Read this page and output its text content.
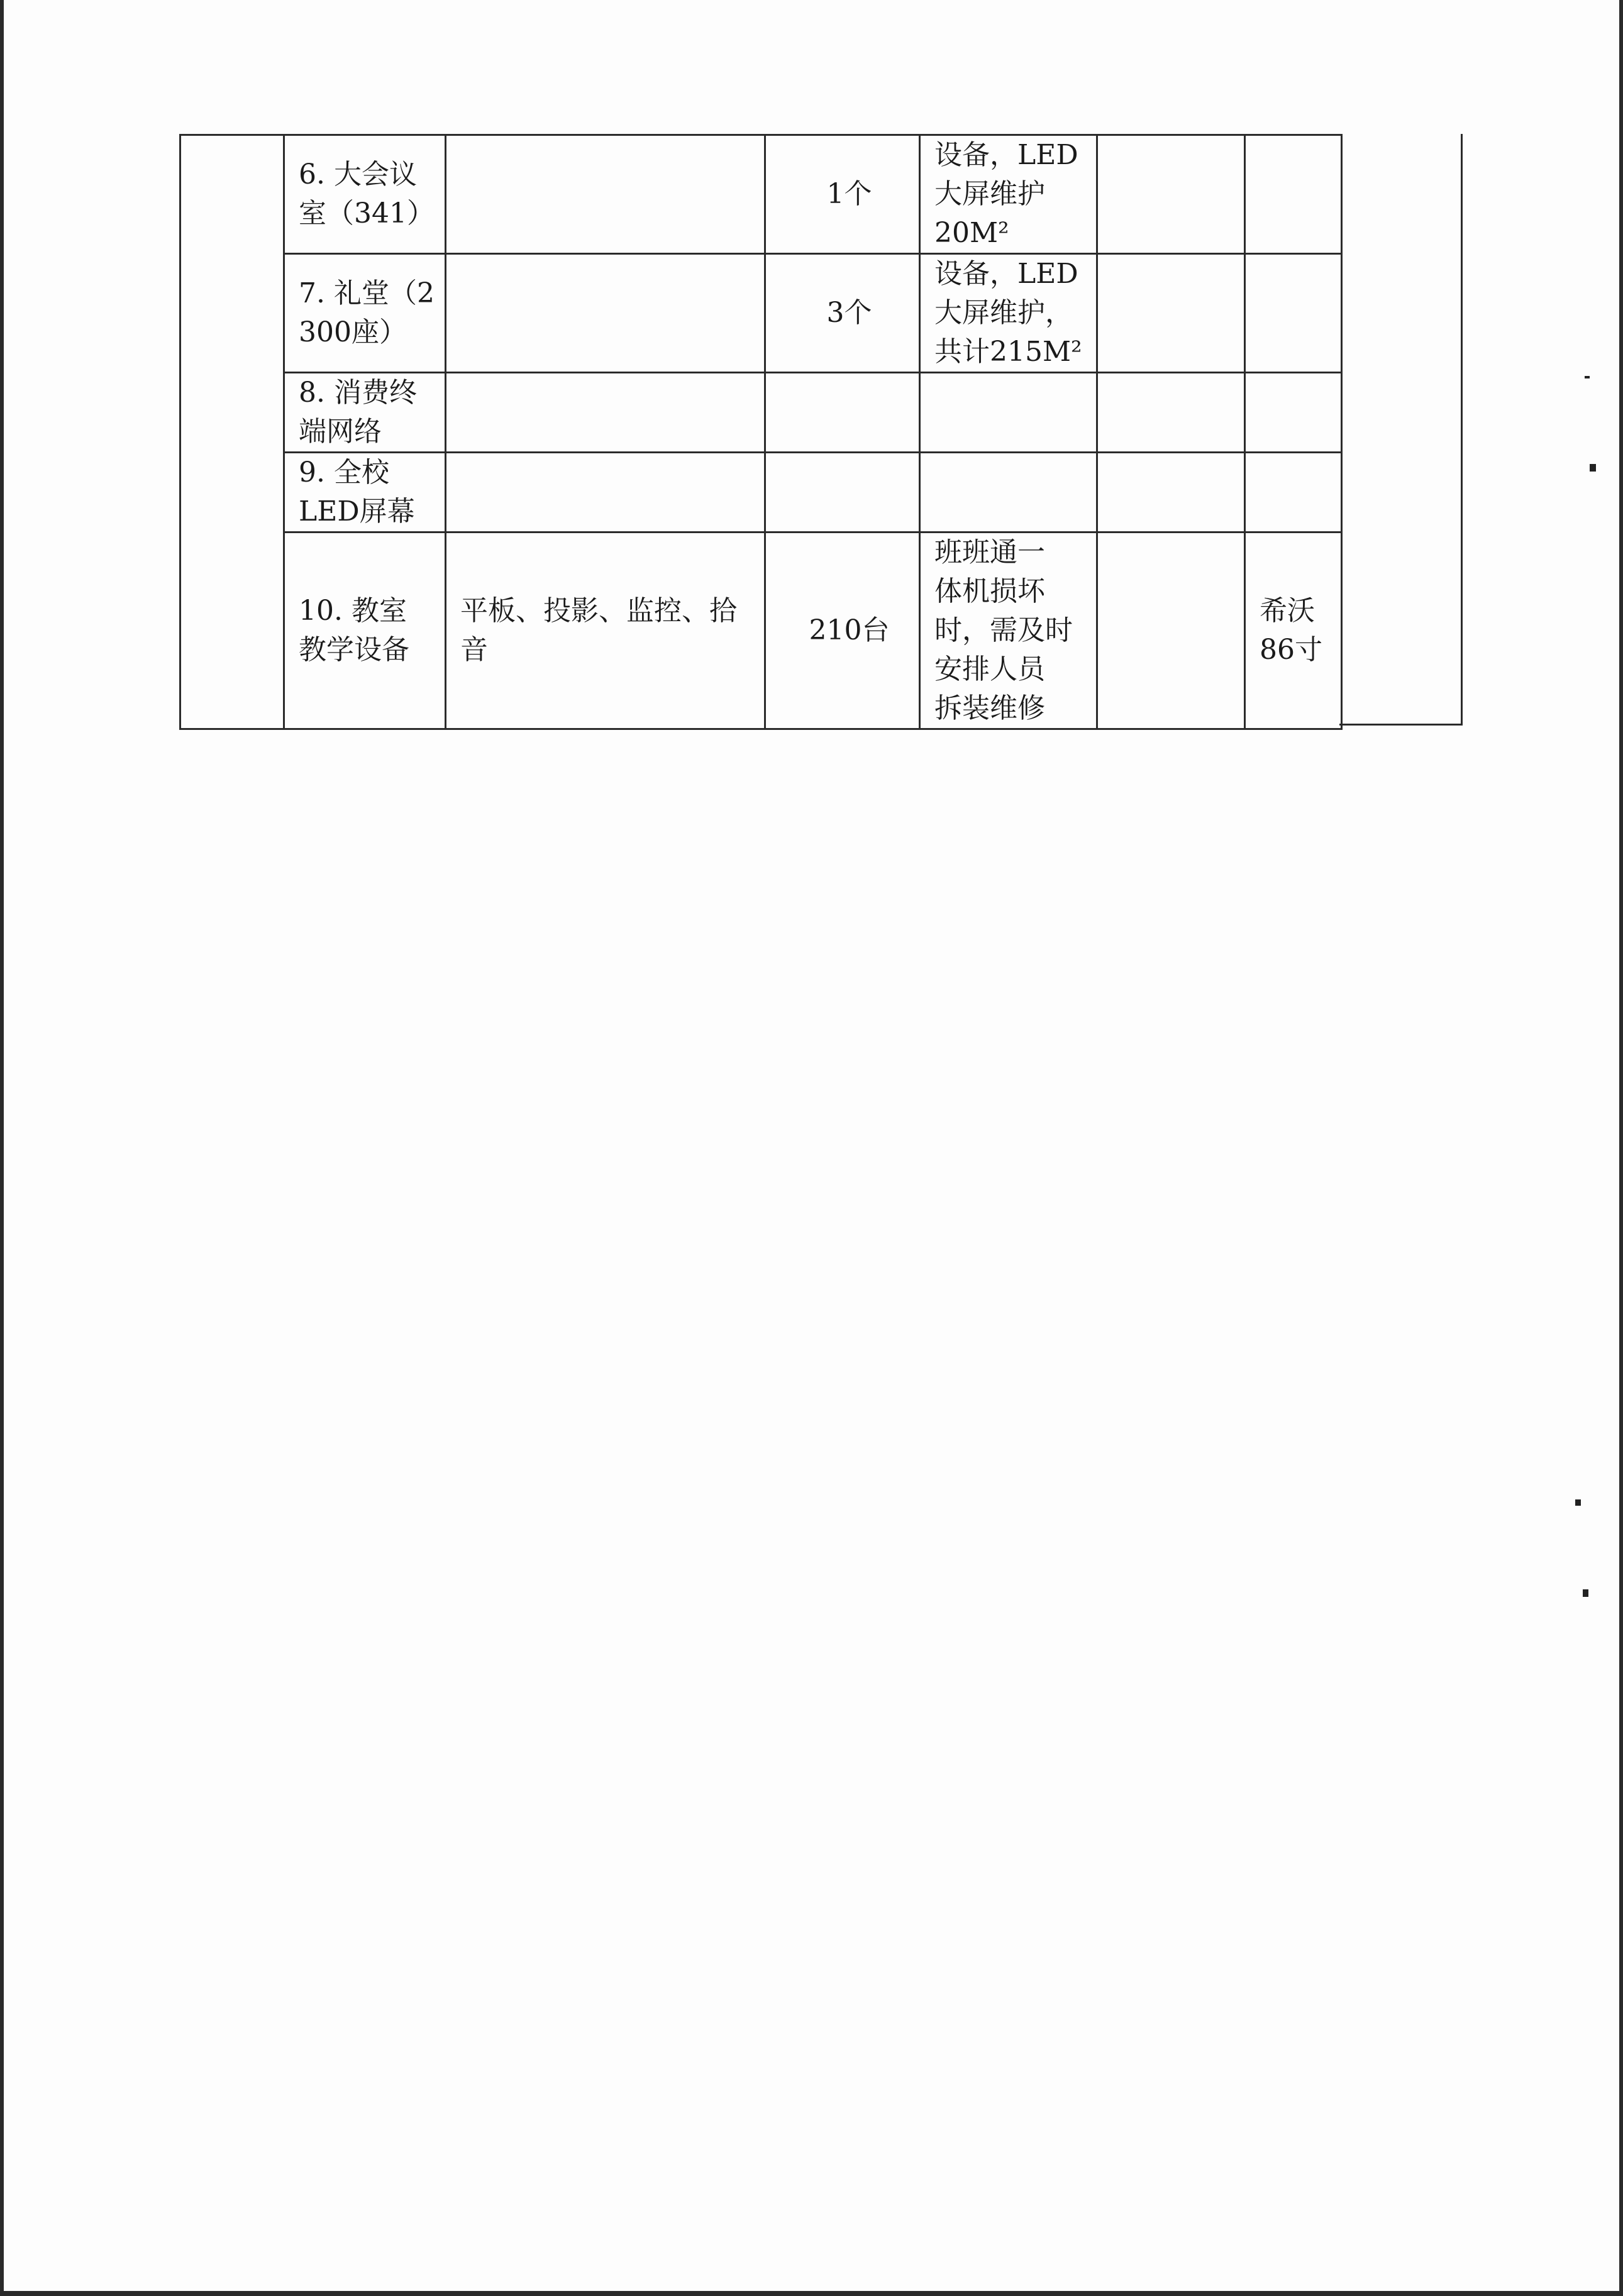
	6. 大会议
室（341）		1个	设备，LED
大屏维护
20M²		

	7. 礼堂（2
300座）		3个	设备，LED
大屏维护，
共计215M²		

	8. 消费终
端网络					

	9. 全校
LED屏幕					

	10. 教室
教学设备	平板、投影、监控、拾
音	210台	班班通一
体机损坏
时，需及时
安排人员
拆装维修		希沃
86寸
